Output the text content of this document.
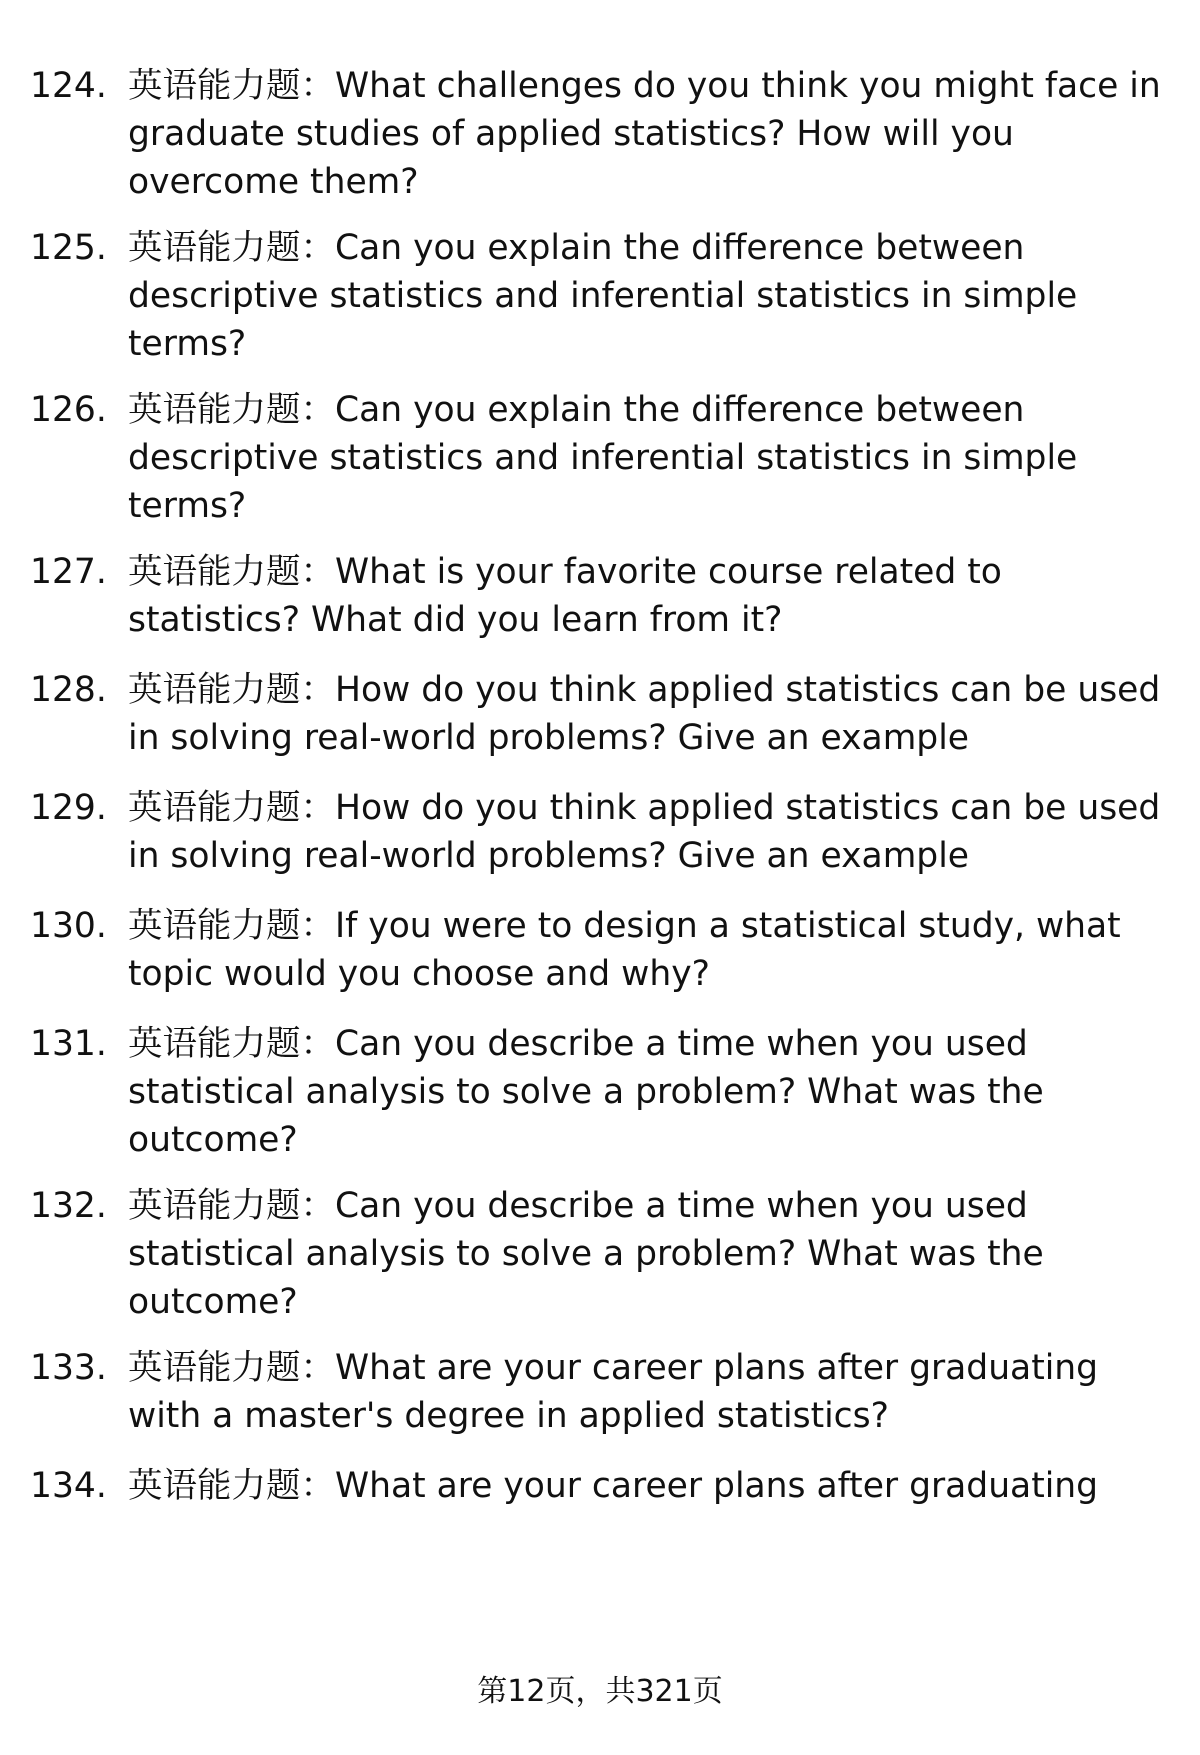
124. 英语能力题：What challenges do you think you might face in graduate studies of applied statistics? How will you overcome them?
125. 英语能力题：Can you explain the difference between descriptive statistics and inferential statistics in simple terms?
126. 英语能力题：Can you explain the difference between descriptive statistics and inferential statistics in simple terms?
127. 英语能力题：What is your favorite course related to statistics? What did you learn from it?
128. 英语能力题：How do you think applied statistics can be used in solving real-world problems? Give an example
129. 英语能力题：How do you think applied statistics can be used in solving real-world problems? Give an example
130. 英语能力题：If you were to design a statistical study, what topic would you choose and why?
131. 英语能力题：Can you describe a time when you used statistical analysis to solve a problem? What was the outcome?
132. 英语能力题：Can you describe a time when you used statistical analysis to solve a problem? What was the outcome?
133. 英语能力题：What are your career plans after graduating with a master's degree in applied statistics?
134. 英语能力题：What are your career plans after graduating
第12页，共321页
